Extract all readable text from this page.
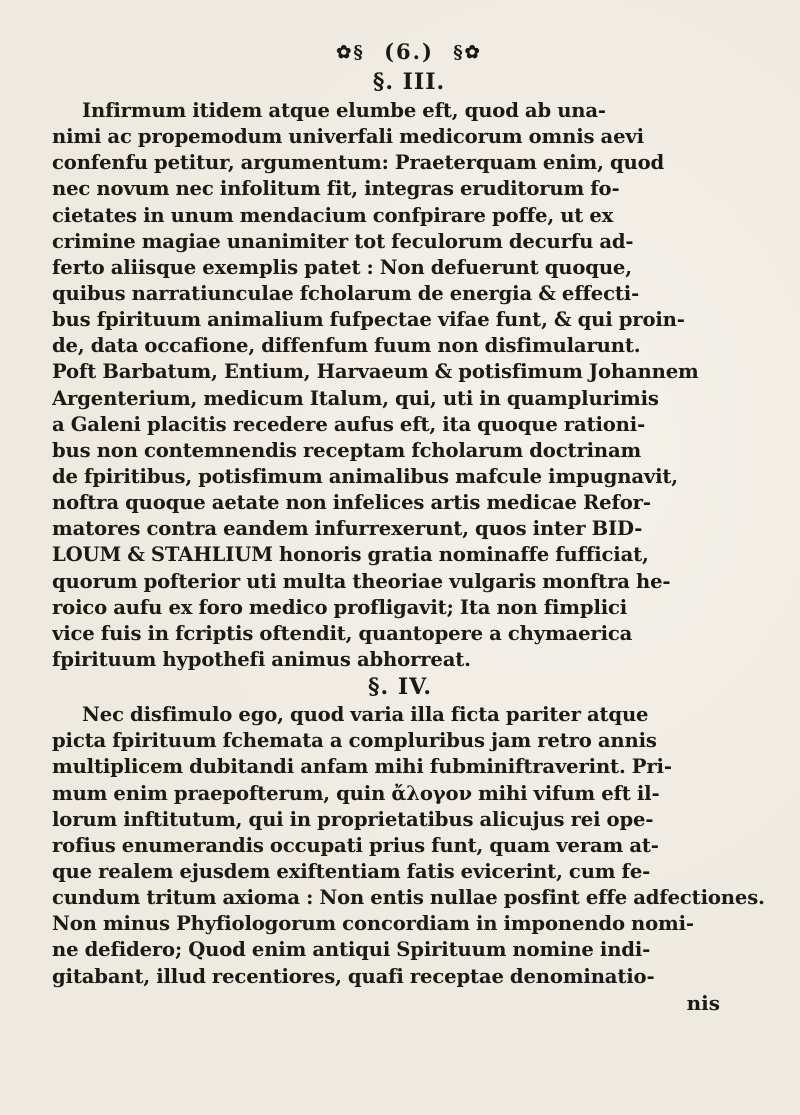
✿§ (6.) §✿
§. III.
Infirmum itidem atque elumbe eft, quod ab una-
nimi ac propemodum univerfali medicorum omnis aevi
confenfu petitur, argumentum: Praeterquam enim, quod
nec novum nec infolitum fit, integras eruditorum fo-
cietates in unum mendacium confpirare poffe, ut ex
crimine magiae unanimiter tot feculorum decurfu ad-
ferto aliisque exemplis patet : Non defuerunt quoque,
quibus narratiunculae fcholarum de energia & effecti-
bus fpirituum animalium fufpectae vifae funt, & qui proin-
de, data occafione, diffenfum fuum non disfimularunt.
Poft Barbatum, Entium, Harvaeum & potisfimum Johannem
Argenterium, medicum Italum, qui, uti in quamplurimis
a Galeni placitis recedere aufus eft, ita quoque rationi-
bus non contemnendis receptam fcholarum doctrinam
de fpiritibus, potisfimum animalibus mafcule impugnavit,
noftra quoque aetate non infelices artis medicae Refor-
matores contra eandem infurrexerunt, quos inter BID-
LOUM & STAHLIUM honoris gratia nominaffe fufficiat,
quorum pofterior uti multa theoriae vulgaris monftra he-
roico aufu ex foro medico profligavit; Ita non fimplici
vice fuis in fcriptis oftendit, quantopere a chymaerica
fpirituum hypothefi animus abhorreat.
§. IV.
Nec disfimulo ego, quod varia illa ficta pariter atque
picta fpirituum fchemata a compluribus jam retro annis
multiplicem dubitandi anfam mihi fubminiftraverint. Pri-
mum enim praepofterum, quin ἄλογον mihi vifum eft il-
lorum inftitutum, qui in proprietatibus alicujus rei ope-
rofius enumerandis occupati prius funt, quam veram at-
que realem ejusdem exiftentiam fatis evicerint, cum fe-
cundum tritum axioma : Non entis nullae posfint effe adfectiones.
Non minus Phyfiologorum concordiam in imponendo nomi-
ne defidero; Quod enim antiqui Spirituum nomine indi-
gitabant, illud recentiores, quafi receptae denominatio-
nis
